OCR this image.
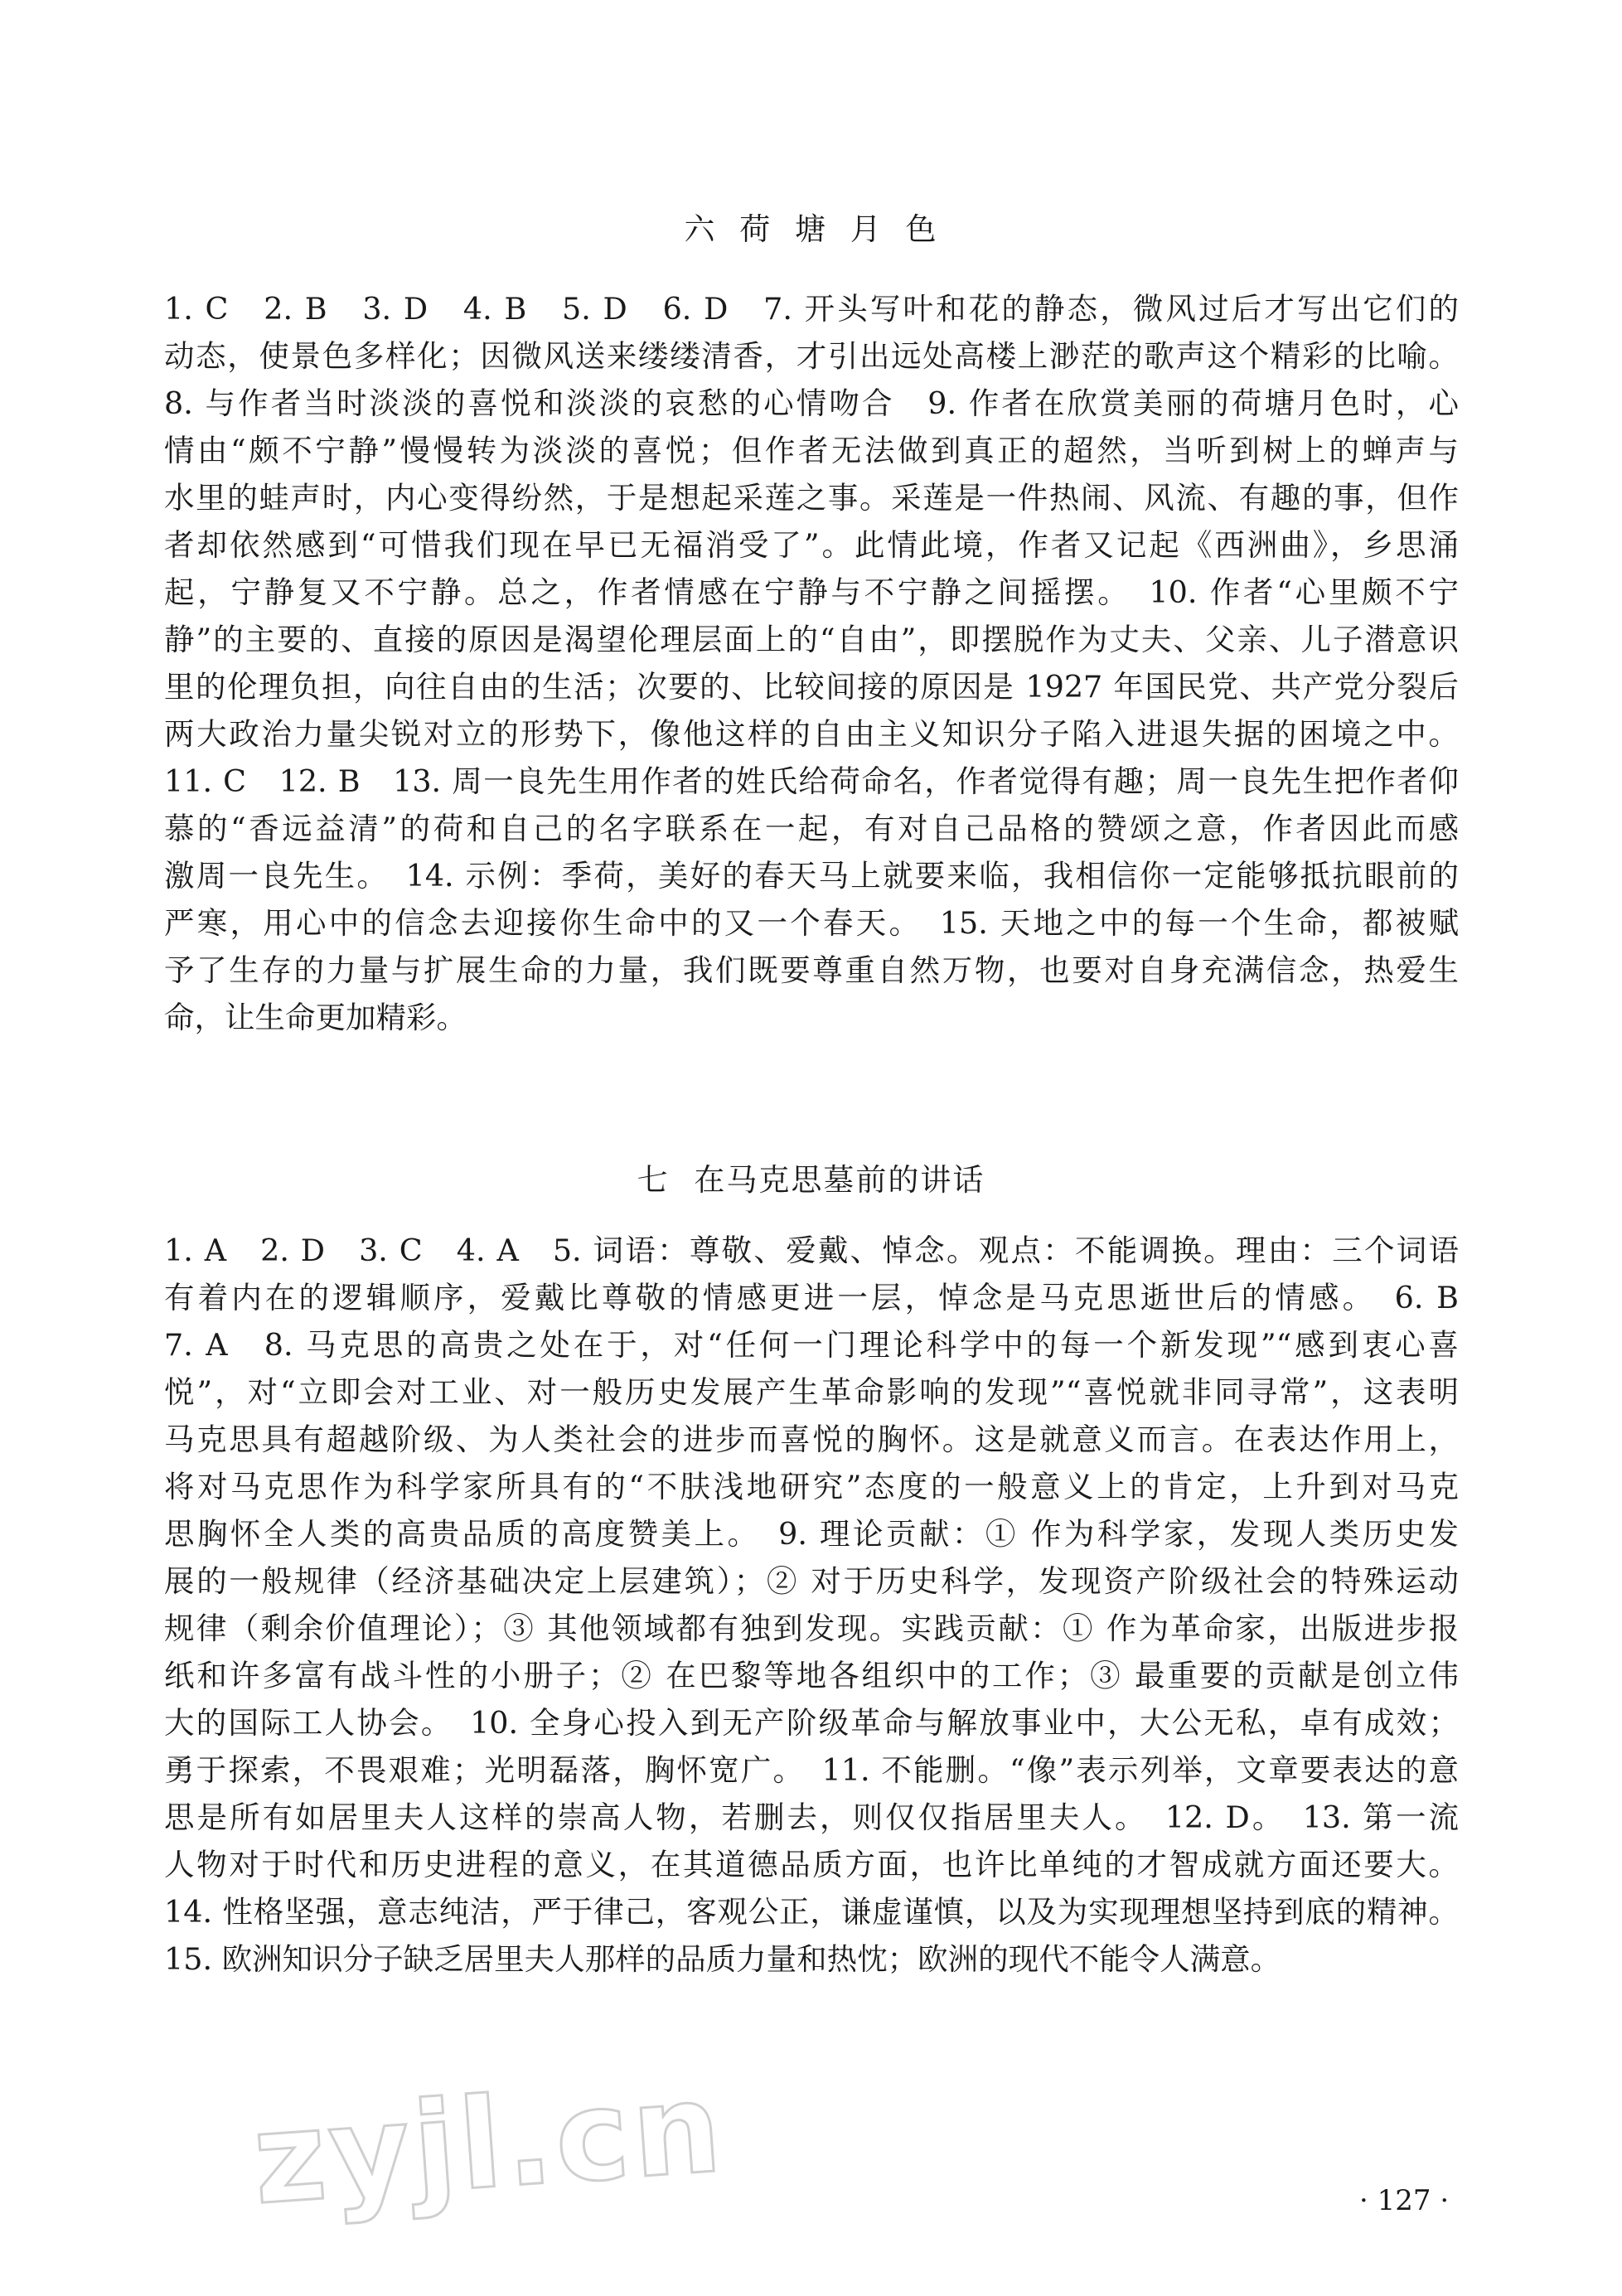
六 荷 塘 月 色
1. C　2. B　3. D　4. B　5. D　6. D　7. 开头写叶和花的静态，微风过后才写出它们的
动态，使景色多样化；因微风送来缕缕清香，才引出远处高楼上渺茫的歌声这个精彩的比喻。
8. 与作者当时淡淡的喜悦和淡淡的哀愁的心情吻合　9. 作者在欣赏美丽的荷塘月色时，心
情由“颇不宁静”慢慢转为淡淡的喜悦；但作者无法做到真正的超然，当听到树上的蝉声与
水里的蛙声时，内心变得纷然，于是想起采莲之事。采莲是一件热闹、风流、有趣的事，但作
者却依然感到“可惜我们现在早已无福消受了”。此情此境，作者又记起《西洲曲》，乡思涌
起，宁静复又不宁静。总之，作者情感在宁静与不宁静之间摇摆。　10. 作者“心里颇不宁
静”的主要的、直接的原因是渴望伦理层面上的“自由”，即摆脱作为丈夫、父亲、儿子潜意识
里的伦理负担，向往自由的生活；次要的、比较间接的原因是 1927 年国民党、共产党分裂后
两大政治力量尖锐对立的形势下，像他这样的自由主义知识分子陷入进退失据的困境之中。
11. C　12. B　13. 周一良先生用作者的姓氏给荷命名，作者觉得有趣；周一良先生把作者仰
慕的“香远益清”的荷和自己的名字联系在一起，有对自己品格的赞颂之意，作者因此而感
激周一良先生。　14. 示例：季荷，美好的春天马上就要来临，我相信你一定能够抵抗眼前的
严寒，用心中的信念去迎接你生命中的又一个春天。　15. 天地之中的每一个生命，都被赋
予了生存的力量与扩展生命的力量，我们既要尊重自然万物，也要对自身充满信念，热爱生
命，让生命更加精彩。
七 在马克思墓前的讲话
1. A　2. D　3. C　4. A　5. 词语：尊敬、爱戴、悼念。观点：不能调换。理由：三个词语
有着内在的逻辑顺序，爱戴比尊敬的情感更进一层，悼念是马克思逝世后的情感。　6. B
7. A　8. 马克思的高贵之处在于，对“任何一门理论科学中的每一个新发现”“感到衷心喜
悦”，对“立即会对工业、对一般历史发展产生革命影响的发现”“喜悦就非同寻常”，这表明
马克思具有超越阶级、为人类社会的进步而喜悦的胸怀。这是就意义而言。在表达作用上，
将对马克思作为科学家所具有的“不肤浅地研究”态度的一般意义上的肯定，上升到对马克
思胸怀全人类的高贵品质的高度赞美上。　9. 理论贡献：① 作为科学家，发现人类历史发
展的一般规律（经济基础决定上层建筑）；② 对于历史科学，发现资产阶级社会的特殊运动
规律（剩余价值理论）；③ 其他领域都有独到发现。实践贡献：① 作为革命家，出版进步报
纸和许多富有战斗性的小册子；② 在巴黎等地各组织中的工作；③ 最重要的贡献是创立伟
大的国际工人协会。　10. 全身心投入到无产阶级革命与解放事业中，大公无私，卓有成效；
勇于探索，不畏艰难；光明磊落，胸怀宽广。　11. 不能删。“像”表示列举，文章要表达的意
思是所有如居里夫人这样的崇高人物，若删去，则仅仅指居里夫人。　12. D。　13. 第一流
人物对于时代和历史进程的意义，在其道德品质方面，也许比单纯的才智成就方面还要大。
14. 性格坚强，意志纯洁，严于律己，客观公正，谦虚谨慎，以及为实现理想坚持到底的精神。
15. 欧洲知识分子缺乏居里夫人那样的品质力量和热忱；欧洲的现代不能令人满意。
zyjl.cn	· 127 ·
